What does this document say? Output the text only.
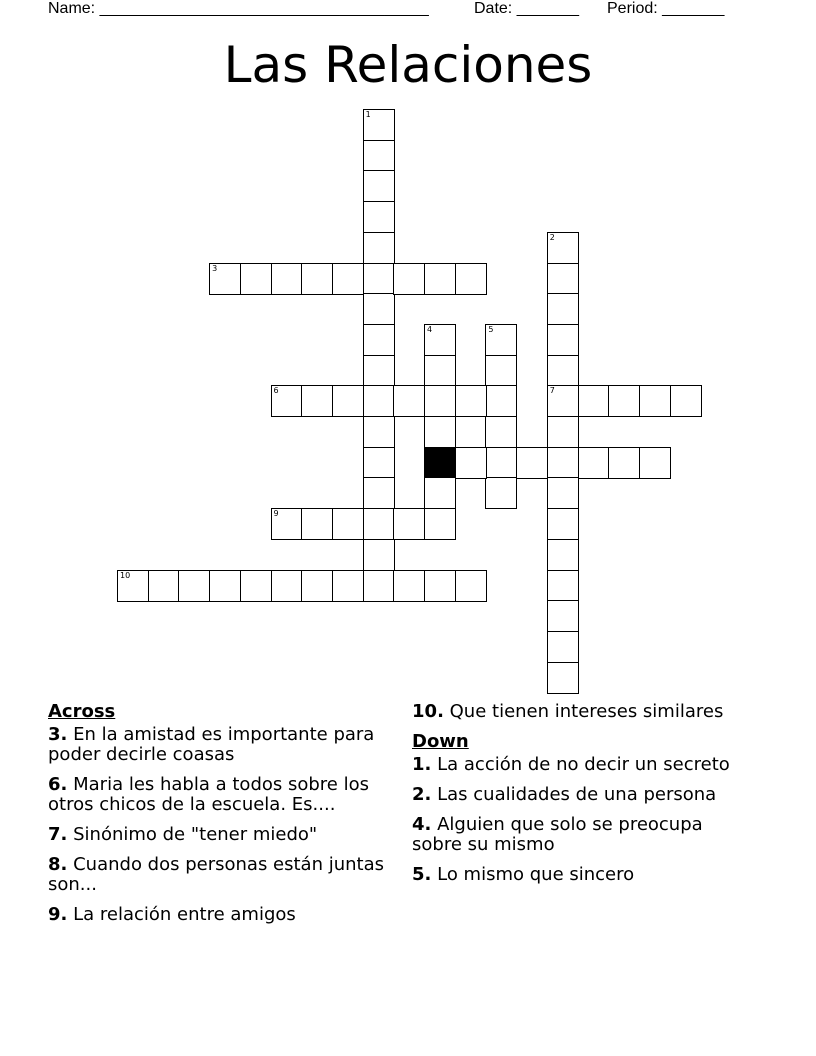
Name: _____________________________________	Date: _______ Period: _______
Las Relaciones
1
2
7
3
4
8
5
6
9
10
Across
3. En la amistad es importante para poder decirle coasas
6. Maria les habla a todos sobre los otros chicos de la escuela. Es....
7. Sinónimo de "tener miedo"
8. Cuando dos personas están juntas son...
9. La relación entre amigos
10. Que tienen intereses similares
Down
1. La acción de no decir un secreto
2. Las cualidades de una persona
4. Alguien que solo se preocupa sobre su mismo
5. Lo mismo que sincero
